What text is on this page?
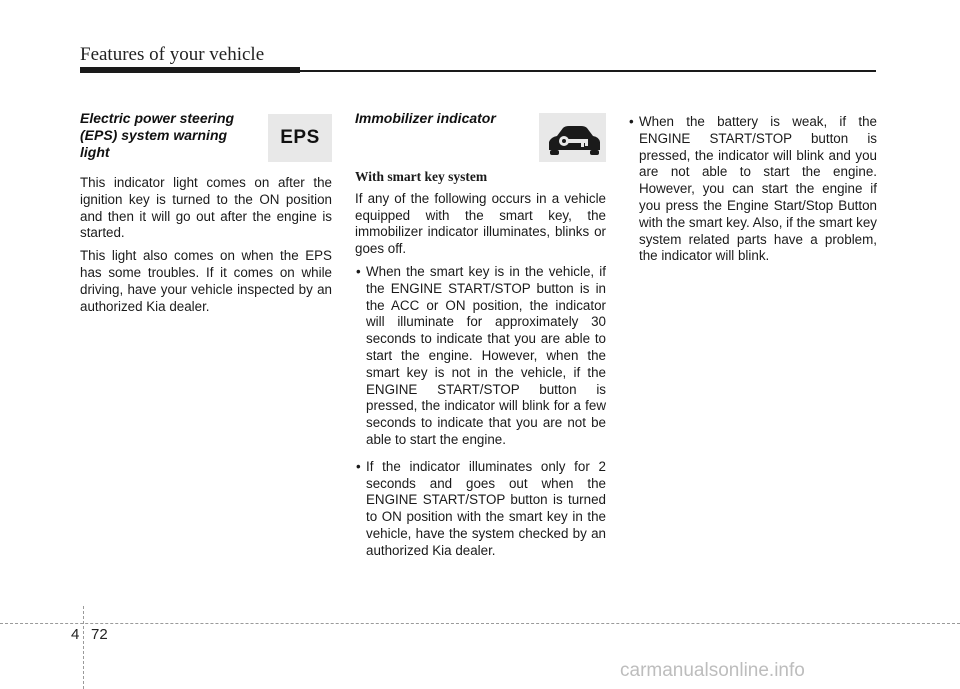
Features of your vehicle
Electric power steering (EPS) system warning light

This indicator light comes on after the ignition key is turned to the ON position and then it will go out after the engine is started.

This light also comes on when the EPS has some troubles. If it comes on while driving, have your vehicle inspected by an authorized Kia dealer.

EPS
Immobilizer indicator
With smart key system

If any of the following occurs in a vehicle equipped with the smart key, the immobilizer indicator illuminates, blinks or goes off.

• When the smart key is in the vehicle, if the ENGINE START/STOP button is in the ACC or ON position, the indicator will illuminate for approximately 30 seconds to indicate that you are able to start the engine. However, when the smart key is not in the vehicle, if the ENGINE START/STOP button is pressed, the indicator will blink for a few seconds to indicate that you are not be able to start the engine.
• If the indicator illuminates only for 2 seconds and goes out when the ENGINE START/STOP button is turned to ON position with the smart key in the vehicle, have the system checked by an authorized Kia dealer.
• When the battery is weak, if the ENGINE START/STOP button is pressed, the indicator will blink and you are not able to start the engine. However, you can start the engine if you press the Engine Start/Stop Button with the smart key. Also, if the smart key system related parts have a problem, the indicator will blink.
4 72
carmanualsonline.info
